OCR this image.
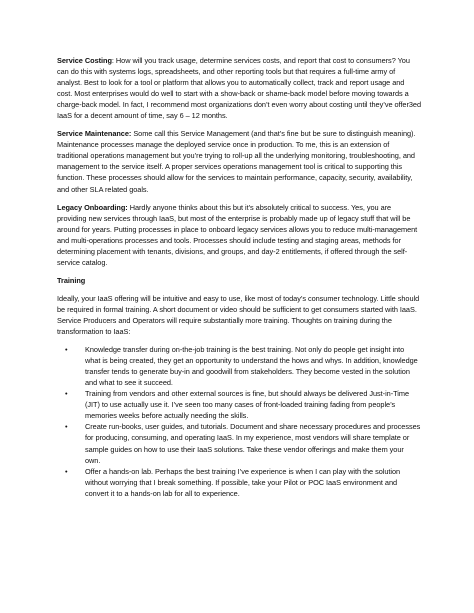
Service Costing: How will you track usage, determine services costs, and report that cost to consumers? You can do this with systems logs, spreadsheets, and other reporting tools but that requires a full-time army of analyst. Best to look for a tool or platform that allows you to automatically collect, track and report usage and cost. Most enterprises would do well to start with a show-back or shame-back model before moving towards a charge-back model. In fact, I recommend most organizations don’t even worry about costing until they’ve offer3ed IaaS for a decent amount of time, say 6 – 12 months.

Service Maintenance: Some call this Service Management (and that’s fine but be sure to distinguish meaning). Maintenance processes manage the deployed service once in production. To me, this is an extension of traditional operations management but you’re trying to roll-up all the underlying monitoring, troubleshooting, and management to the service itself. A proper services operations management tool is critical to supporting this function. These processes should allow for the services to maintain performance, capacity, security, availability, and other SLA related goals.

Legacy Onboarding: Hardly anyone thinks about this but it’s absolutely critical to success. Yes, you are providing new services through IaaS, but most of the enterprise is probably made up of legacy stuff that will be around for years. Putting processes in place to onboard legacy services allows you to reduce multi-management and multi-operations processes and tools. Processes should include testing and staging areas, methods for determining placement with tenants, divisions, and groups, and day-2 entitlements, if offered through the self-service catalog.

Training

Ideally, your IaaS offering will be intuitive and easy to use, like most of today’s consumer technology. Little should be required in formal training. A short document or video should be sufficient to get consumers started with IaaS. Service Producers and Operators will require substantially more training. Thoughts on training during the transformation to IaaS:

• Knowledge transfer during on-the-job training is the best training. Not only do people get insight into what is being created, they get an opportunity to understand the hows and whys. In addition, knowledge transfer tends to generate buy-in and goodwill from stakeholders. They become vested in the solution and what to see it succeed.
• Training from vendors and other external sources is fine, but should always be delivered Just-in-Time (JIT) to use actually use it. I’ve seen too many cases of front-loaded training fading from people’s memories weeks before actually needing the skills.
• Create run-books, user guides, and tutorials. Document and share necessary procedures and processes for producing, consuming, and operating IaaS. In my experience, most vendors will share template or sample guides on how to use their IaaS solutions. Take these vendor offerings and make them your own.
• Offer a hands-on lab. Perhaps the best training I’ve experience is when I can play with the solution without worrying that I break something. If possible, take your Pilot or POC IaaS environment and convert it to a hands-on lab for all to experience.
